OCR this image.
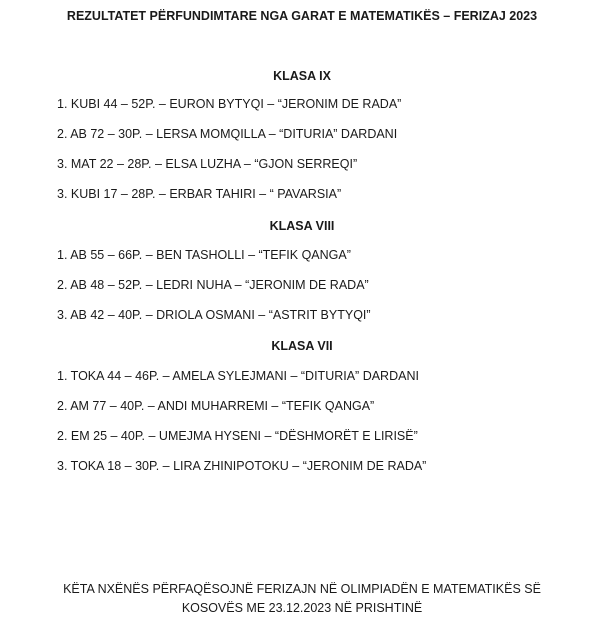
REZULTATET PËRFUNDIMTARE NGA GARAT E MATEMATIKËS – FERIZAJ 2023
KLASA IX
1. KUBI 44 – 52P. – EURON BYTYQI – “JERONIM DE RADA”
2. AB 72 – 30P. – LERSA MOMQILLA – “DITURIA” DARDANI
3. MAT 22 – 28P. – ELSA LUZHA – “GJON SERREQI”
3. KUBI 17 – 28P. – ERBAR TAHIRI – “ PAVARSIA”
KLASA VIII
1. AB 55 – 66P. – BEN TASHOLLI – “TEFIK QANGA”
2. AB 48 – 52P. – LEDRI NUHA – “JERONIM DE RADA”
3. AB 42 – 40P. – DRIOLA OSMANI – “ASTRIT BYTYQI”
KLASA VII
1. TOKA 44 – 46P. – AMELA SYLEJMANI – “DITURIA” DARDANI
2. AM 77 – 40P. – ANDI MUHARREMI – “TEFIK QANGA”
2. EM 25 – 40P. – UMEJMA HYSENI – “DËSHMORËT E LIRISË”
3. TOKA 18 – 30P. – LIRA ZHINIPOTOKU – “JERONIM DE RADA”
KËTA NXËNËS PËRFAQËSOJNË FERIZAJN NË OLIMPIADËN E MATEMATIKËS SË
KOSOVËS ME 23.12.2023 NË PRISHTINË
